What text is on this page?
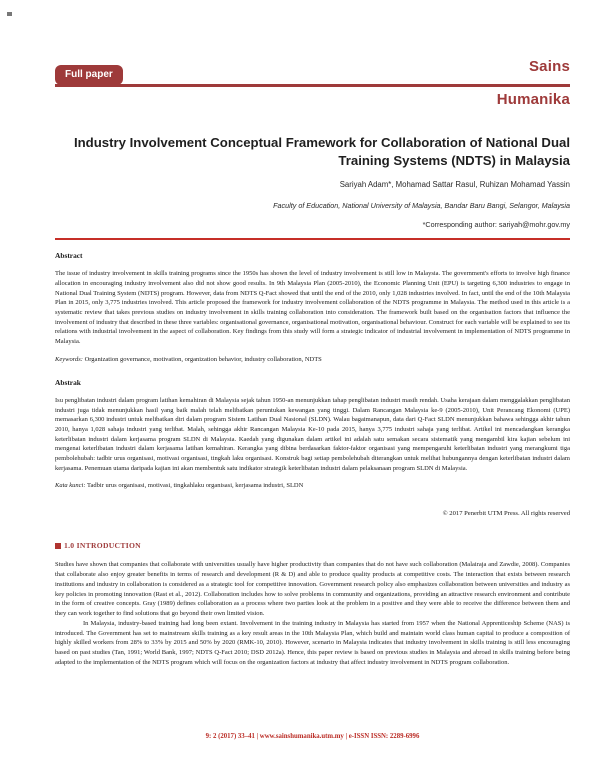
Full paper	Sains
Humanika
Industry Involvement Conceptual Framework for Collaboration of National Dual Training Systems (NDTS) in Malaysia
Sariyah Adam*, Mohamad Sattar Rasul, Ruhizan Mohamad Yassin
Faculty of Education, National University of Malaysia, Bandar Baru Bangi, Selangor, Malaysia
*Corresponding author: sariyah@mohr.gov.my
Abstract

The issue of industry involvement in skills training programs since the 1950s has shown the level of industry involvement is still low in Malaysia. The government's efforts to involve high finance allocation in encouraging industry involvement also did not show good results. In 9th Malaysia Plan (2005-2010), the Economic Planning Unit (EPU) is targeting 6,300 industries to engage in National Dual Training System (NDTS) program. However, data from NDTS Q-Fact showed that until the end of the 2010, only 1,028 industries involved. In fact, until the end of the 10th Malaysia Plan in 2015, only 3,775 industries involved. This article proposed the framework for industry involvement collaboration of the NDTS programme in Malaysia. The method used in this article is a systematic review that takes previous studies on industry involvement in skills training collaboration into consideration. The framework built based on the organisation factors that influence the involvement of industry that described in these three variables: organisational governance, organisational motivation, organisational behaviour. Construct for each variable will be explained to see its relations with industrial involvement in the aspect of collaboration. Key findings from this study will form a strategic indicator of industrial involvement in implementation of NDTS programme in Malaysia.

Keywords: Organization governance, motivation, organization behavior, industry collaboration, NDTS

Abstrak

Isu penglibatan industri dalam program latihan kemahiran di Malaysia sejak tahun 1950-an menunjukkan tahap penglibatan industri masih rendah. Usaha kerajaan dalam menggalakkan penglibatan industri juga tidak menunjukkan hasil yang baik malah telah melibatkan peruntukan kewangan yang tinggi. Dalam Rancangan Malaysia ke-9 (2005-2010), Unit Perancang Ekonomi (UPE) memasarkan 6,300 industri untuk melibatkan diri dalam program Sistem Latihan Dual Nasional (SLDN). Walau bagaimanapun, data dari Q-Fact SLDN menunjukkan bahawa sehingga akhir tahun 2010, hanya 1,028 sahaja industri yang terlibat. Malah, sehingga akhir Rancangan Malaysia Ke-10 pada 2015, hanya 3,775 industri sahaja yang terlibat. Artikel ini mencadangkan kerangka keterlibatan industri dalam kerjasama program SLDN di Malaysia. Kaedah yang digunakan dalam artikel ini adalah satu semakan secara sistematik yang mengambil kira kajian sebelum ini mengenai keterlibatan industri dalam kerjasama latihan kemahiran. Kerangka yang dibina berdasarkan faktor-faktor organisasi yang mempengaruhi keterlibatan industri yang merangkumi tiga pembolehubah: tadbir urus organisasi, motivasi organisasi, tingkah laku organisasi. Konstruk bagi setiap pembolehubah diterangkan untuk melihat hubungannya dengan keterlibatan industri dalam kerjasama. Penemuan utama daripada kajian ini akan membentuk satu indikator strategik keterlibatan industri dalam pelaksanaan program SLDN di Malaysia.

Kata kunci: Tadbir urus organisasi, motivasi, tingkahlaku organisasi, kerjasama industri, SLDN

© 2017 Penerbit UTM Press. All rights reserved
1.0 INTRODUCTION

Studies have shown that companies that collaborate with universities usually have higher productivity than companies that do not have such collaboration (Malairaja and Zawdie, 2008). Companies that collaborate also enjoy greater benefits in terms of research and development (R & D) and able to produce quality products at competitive costs. The interaction that exists between research institutions and industry in collaboration is considered as a strategic tool for competitive innovation. Government research policy also emphasizes collaboration between universities and industry as key policies in promoting innovation (Rast et al., 2012). Collaboration includes how to solve problems in community and organizations, providing an attractive research environment and contribute in the form of creative concepts. Gray (1989) defines collaboration as a process where two parties look at the problem in a positive and they were able to receive the difference between them and they can work together to find solutions that go beyond their own limited vision.

In Malaysia, industry-based training had long been extant. Involvement in the training industry in Malaysia has started from 1957 when the National Apprenticeship Scheme (NAS) is introduced. The Government has set to mainstream skills training as a key result areas in the 10th Malaysia Plan, which build and maintain world class human capital to produce a composition of highly skilled workers from 28% to 33% by 2015 and 50% by 2020 (RMK-10, 2010). However, scenario in Malaysia indicates that industry involvement in skills training is still less encouraging based on past studies (Tan, 1991; World Bank, 1997; NDTS Q-Fact 2010; DSD 2012a). Hence, this paper review is based on previous studies in Malaysia and abroad in skills training before being adapted to the implementation of the NDTS program which will focus on the organization factors at industry that affect industry involvement in NDTS program collaboration.

9: 2 (2017) 33–41 | www.sainshumanika.utm.my | e-ISSN ISSN: 2289-6996
